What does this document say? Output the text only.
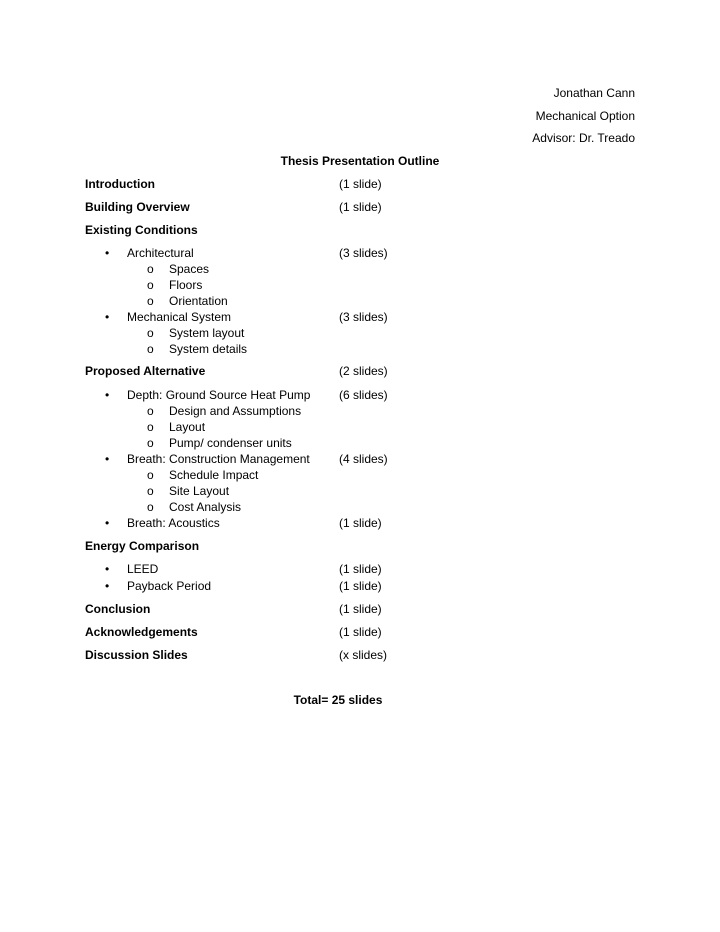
Jonathan Cann
Mechanical Option
Advisor: Dr. Treado
Thesis Presentation Outline
Introduction	(1 slide)
Building Overview	(1 slide)
Existing Conditions
• Architectural	(3 slides)
o Spaces
o Floors
o Orientation
• Mechanical System	(3 slides)
o System layout
o System details
Proposed Alternative	(2 slides)
• Depth: Ground Source Heat Pump (6 slides)
o Design and Assumptions
o Layout
o Pump/ condenser units
• Breath: Construction Management (4 slides)
o Schedule Impact
o Site Layout
o Cost Analysis
• Breath: Acoustics	(1 slide)
Energy Comparison
• LEED	(1 slide)
• Payback Period	(1 slide)
Conclusion	(1 slide)
Acknowledgements	(1 slide)
Discussion Slides	(x slides)
Total= 25 slides
